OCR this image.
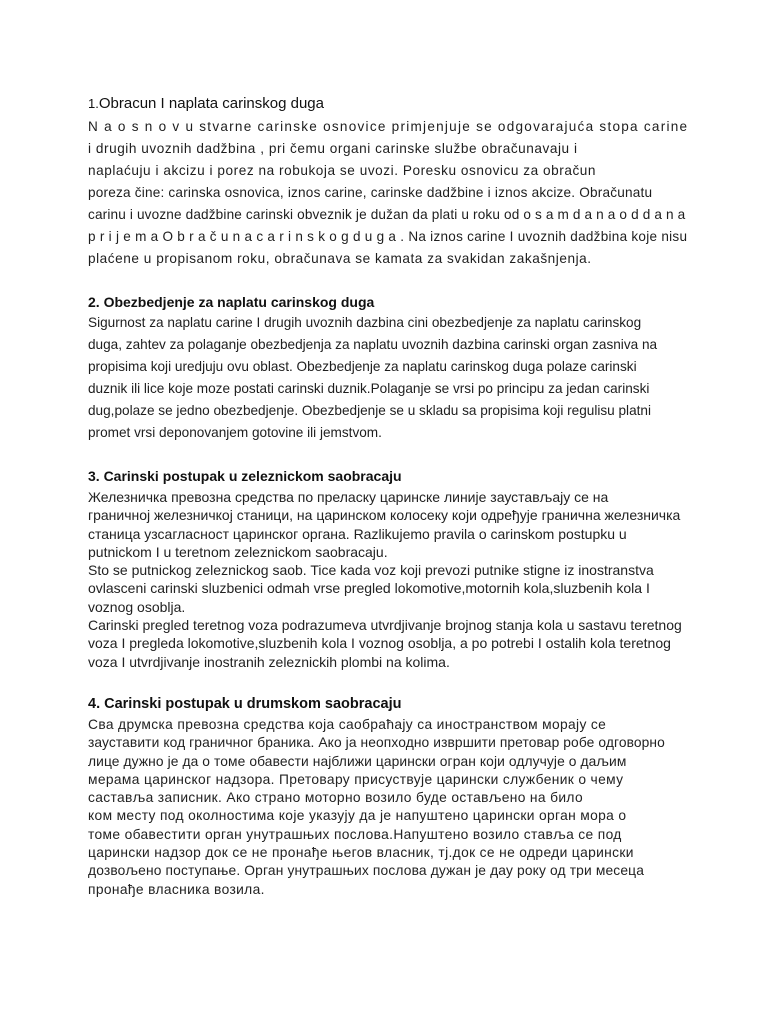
1.Obracun I naplata carinskog duga

N a o s n o v u stvarne carinske osnovice primjenjuje se odgovarajuća stopa carine

i drugih uvoznih dadžbina , pri čemu organi carinske službe obračunavaju i

naplaćuju i akcizu i porez na robukoja se uvozi. Poresku osnovicu za obračun

poreza čine: carinska osnovica, iznos carine, carinske dadžbine i iznos akcize. Obračunatu

carinu i uvozne dadžbine carinski obveznik je dužan da plati u roku od o s a m d a n a o d d a n a

p r i j e m a O b r a č u n a c a r i n s k o g d u g a . Na iznos carine I uvoznih dadžbina koje nisu

plaćene u propisanom roku, obračunava se kamata za svakidan zakašnjenja.

2. Obezbedjenje za naplatu carinskog duga

Sigurnost za naplatu carine I drugih uvoznih dazbina cini obezbedjenje za naplatu carinskog

duga, zahtev za polaganje obezbedjenja za naplatu uvoznih dazbina carinski organ zasniva na

propisima koji uredjuju ovu oblast. Obezbedjenje za naplatu carinskog duga polaze carinski

duznik ili lice koje moze postati carinski duznik.Polaganje se vrsi po principu za jedan carinski

dug,polaze se jedno obezbedjenje. Obezbedjenje se u skladu sa propisima koji regulisu platni

promet vrsi deponovanjem gotovine ili jemstvom.

3. Carinski postupak u zeleznickom saobracaju

Железничка превозна средства по преласку царинске линије заустављају се на

граничној железничкој станици, на царинском колосеку који одређује гранична железничка

станица узсагласност царинског органа. Razlikujemo pravila o carinskom postupku u

putnickom I u teretnom zeleznickom saobracaju.

Sto se putnickog zeleznickog saob. Tice kada voz koji prevozi putnike stigne iz inostranstva

ovlasceni carinski sluzbenici odmah vrse pregled lokomotive,motornih kola,sluzbenih kola I

voznog osoblja.

Carinski pregled teretnog voza podrazumeva utvrdjivanje brojnog stanja kola u sastavu teretnog

voza I pregleda lokomotive,sluzbenih kola I voznog osoblja, a po potrebi I ostalih kola teretnog

voza I utvrdjivanje inostranih zeleznickih plombi na kolima.

4. Carinski postupak u drumskom saobracaju

Сва друмска превозна средства која саобраћају са иностранством морају се

зауставити код граничног браника. Ако ја неопходно извршити претовар робе одговорно

лице дужно је да о томе обавести најближи царински огран који одлучује о даљим

мерама царинског надзора. Претовару присуствује царински службеник о чему

саставља записник. Ако страно моторно возило буде остављено на било

ком месту под околностима које указују да је напуштено царински орган мора о

томе обавестити орган унутрашњих послова.Напуштено возило ставља се под

царински надзор док се не пронађе његов власник, тј.док се не одреди царински

дозвољено поступање. Орган унутрашњих послова дужан је дау року од три месеца

пронађе власника возила.
